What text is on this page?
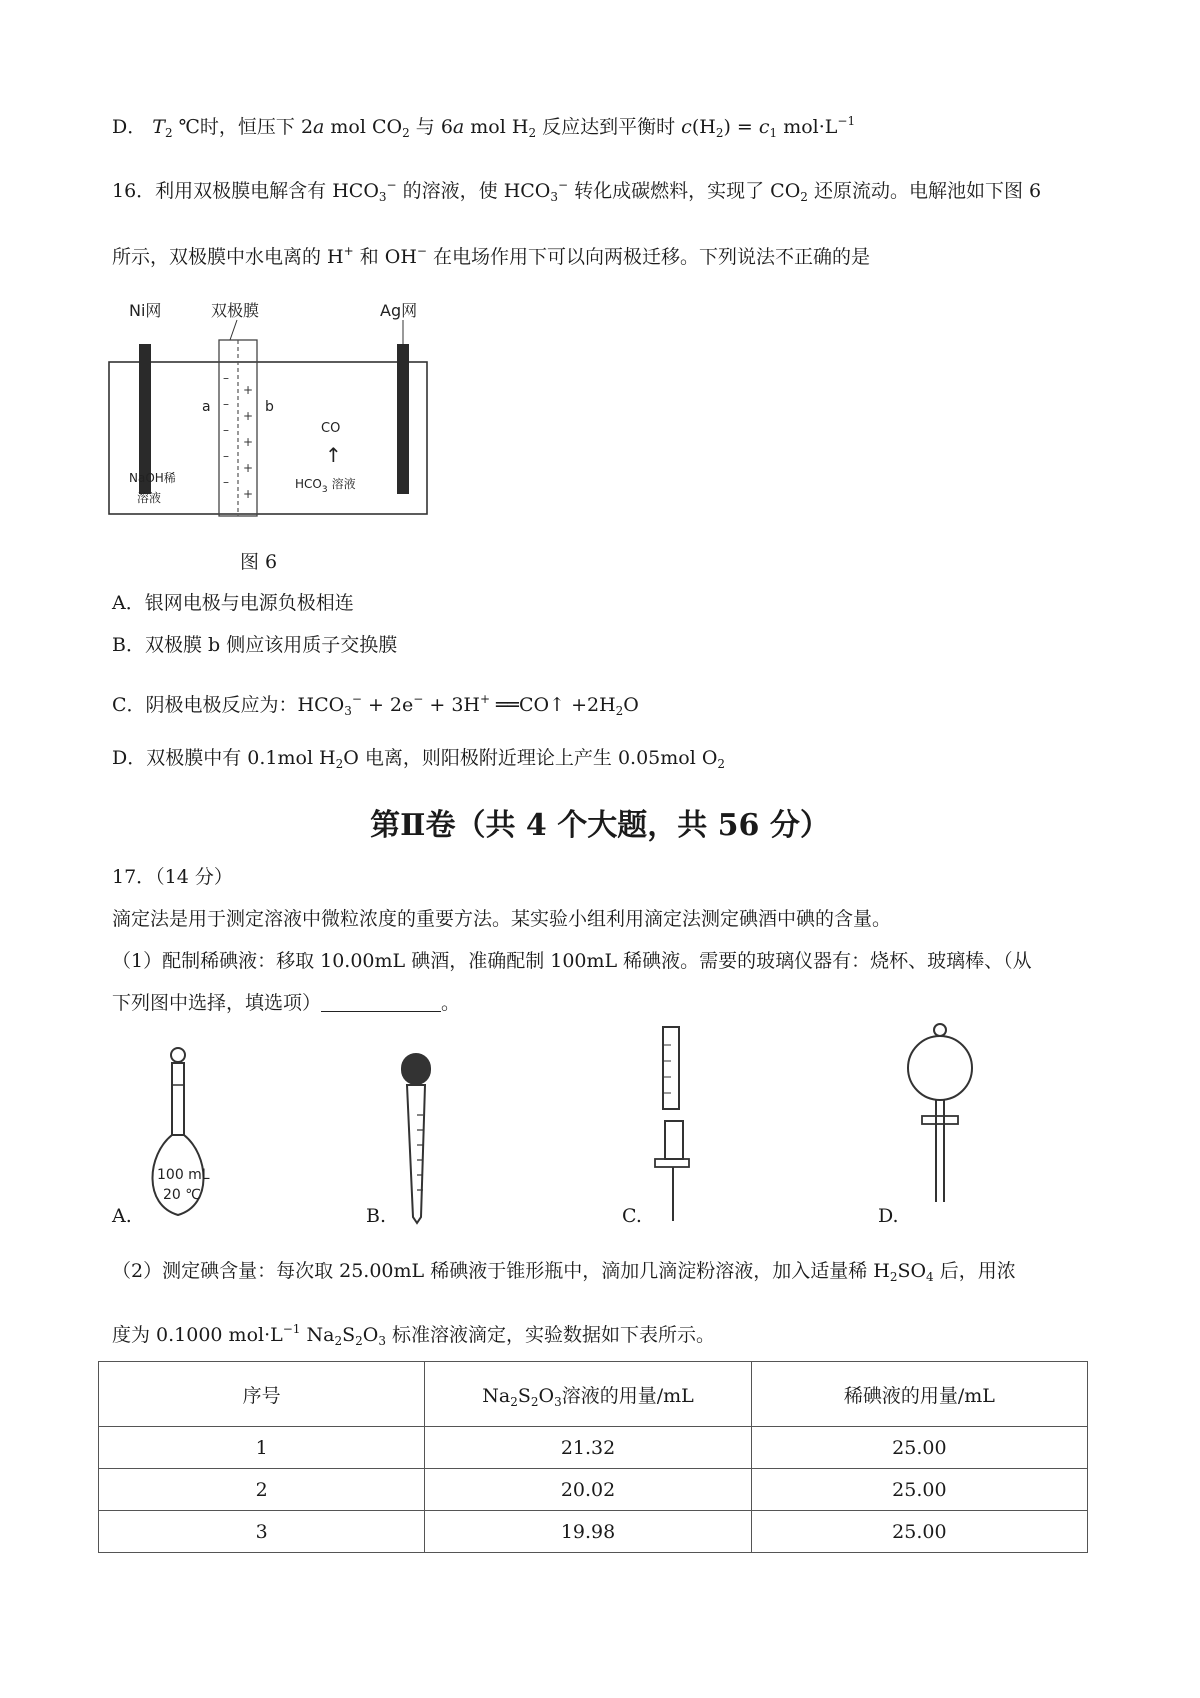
D． $T_2$ ℃时，恒压下 2a mol $CO_2$ 与 6a mol $H_2$ 反应达到平衡时 $c(H_2) = c_1$ $mol\cdot L^{-1}$
16．利用双极膜电解含有 $HCO_3^-$ 的溶液，使 $HCO_3^-$ 转化成碳燃料，实现了 $CO_2$ 还原流动。电解池如下图 6
所示，双极膜中水电离的 H+ 和 OH− 在电场作用下可以向两极迁移。下列说法不正确的是
–
–
–
–
–
+
+
+
+
+
Ni网	双极膜	Ag网
a	b
CO
↑
NaOH稀
溶液
$HCO_3$ 溶液
图 6
A．银网电极与电源负极相连
B．双极膜 b 侧应该用质子交换膜
C．阴极电极反应为：$HCO_3^- + 2e^- + 3H^+$ ══CO↑ $+2H_2O$
D．双极膜中有 0.1mol $H_2O$ 电离，则阳极附近理论上产生 0.05mol $O_2$
第Ⅱ卷（共 4 个大题，共 56 分）
17．（14 分）
滴定法是用于测定溶液中微粒浓度的重要方法。某实验小组利用滴定法测定碘酒中碘的含量。
（1）配制稀碘液：移取 10.00mL 碘酒，准确配制 100mL 稀碘液。需要的玻璃仪器有：烧杯、玻璃棒、（从
下列图中选择，填选项）	。
100 mL
20 ℃
A.	B.	C.	D.
（2）测定碘含量：每次取 25.00mL 稀碘液于锥形瓶中，滴加几滴淀粉溶液，加入适量稀 $H_2SO_4$ 后，用浓
度为 0.1000 $mol\cdot L^{-1}$ $Na_2S_2O_3$ 标准溶液滴定，实验数据如下表所示。
序号	$Na_2S_2O_3$溶液的用量/mL	稀碘液的用量/mL
1	21.32	25.00
2	20.02	25.00
3	19.98	25.00
